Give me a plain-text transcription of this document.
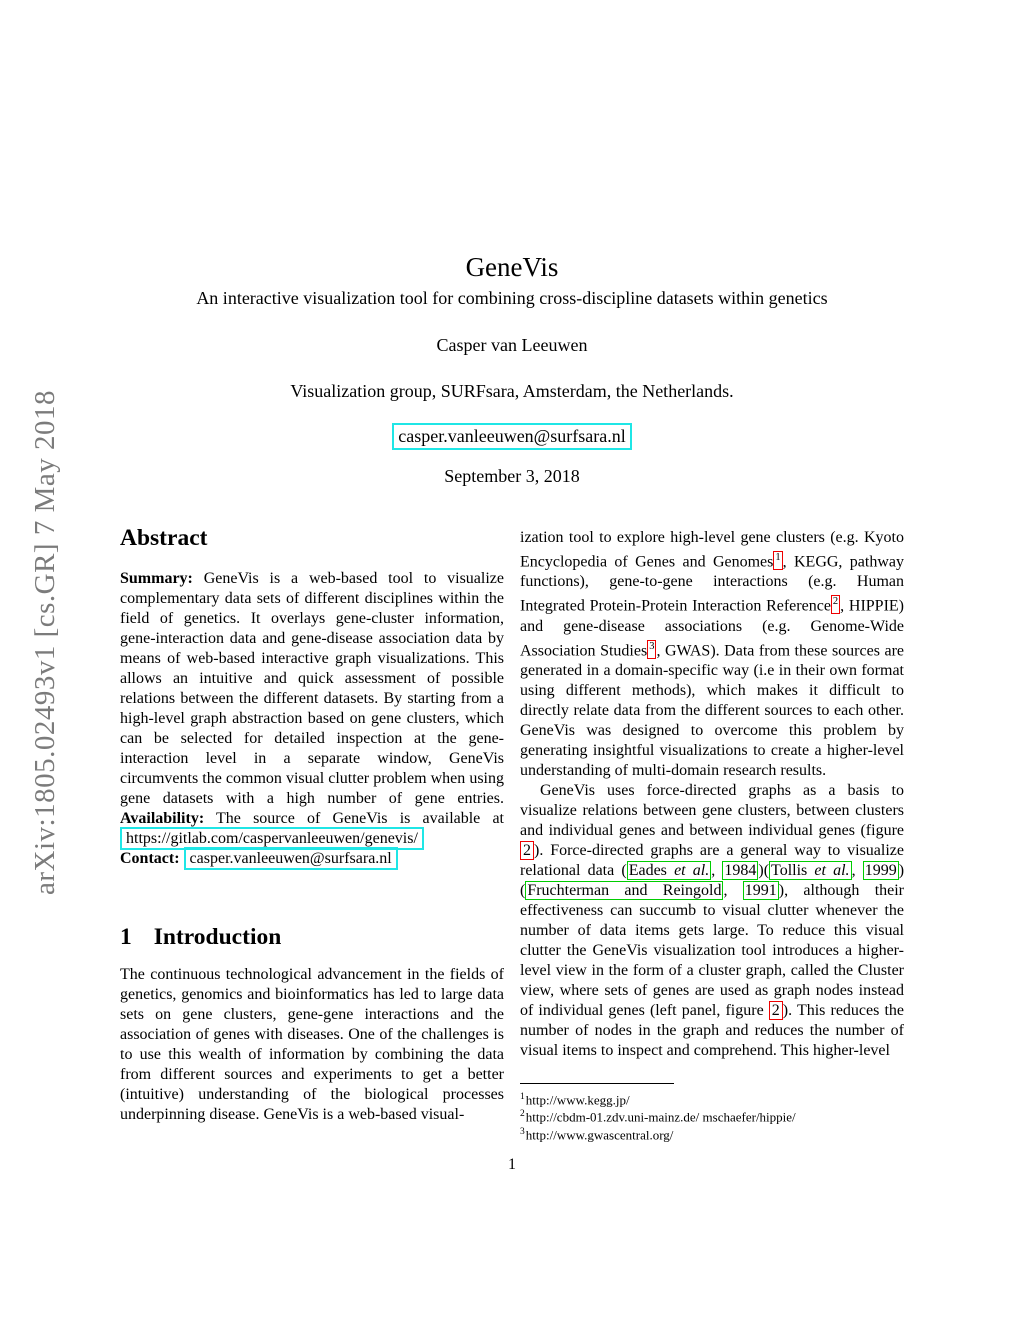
arXiv:1805.02493v1 [cs.GR] 7 May 2018
GeneVis
An interactive visualization tool for combining cross-discipline datasets within genetics
Casper van Leeuwen
Visualization group, SURFsara, Amsterdam, the Netherlands.
casper.vanleeuwen@surfsara.nl
September 3, 2018
Abstract

Summary: GeneVis is a web-based tool to visualize complementary data sets of different disciplines within the field of genetics. It overlays gene-cluster information, gene-interaction data and gene-disease association data by means of web-based interactive graph visualizations. This allows an intuitive and quick assessment of possible relations between the different datasets. By starting from a high-level graph abstraction based on gene clusters, which can be selected for detailed inspection at the gene-interaction level in a separate window, GeneVis circumvents the common visual clutter problem when using gene datasets with a high number of gene entries. Availability: The source of GeneVis is available at https://gitlab.com/caspervanleeuwen/genevis/
Contact: casper.vanleeuwen@surfsara.nl

1 Introduction

The continuous technological advancement in the fields of genetics, genomics and bioinformatics has led to large data sets on gene clusters, gene-gene interactions and the association of genes with diseases. One of the challenges is to use this wealth of information by combining the data from different sources and experiments to get a better (intuitive) understanding of the biological processes underpinning disease. GeneVis is a web-based visual-

ization tool to explore high-level gene clusters (e.g. Kyoto Encyclopedia of Genes and Genomes $^1$ , KEGG, pathway functions), gene-to-gene interactions (e.g. Human Integrated Protein-Protein Interaction Reference $^2$ , HIPPIE) and gene-disease associations (e.g. Genome-Wide Association Studies $^3$ , GWAS). Data from these sources are generated in a domain-specific way (i.e in their own format using different methods), which makes it difficult to directly relate data from the different sources to each other. GeneVis was designed to overcome this problem by generating insightful visualizations to create a higher-level understanding of multi-domain research results.

GeneVis uses force-directed graphs as a basis to visualize relations between gene clusters, between clusters and individual genes and between individual genes (figure 2 ). Force-directed graphs are a general way to visualize relational data ( Eades et al. , 1984 )( Tollis et al. , 1999 )( Fruchterman and Reingold , 1991 ), although their effectiveness can succumb to visual clutter whenever the number of data items gets large. To reduce this visual clutter the GeneVis visualization tool introduces a higher-level view in the form of a cluster graph, called the Cluster view, where sets of genes are used as graph nodes instead of individual genes (left panel, figure 2 ). This reduces the number of nodes in the graph and reduces the number of visual items to inspect and comprehend. This higher-level

$^1$http://www.kegg.jp/
$^2$http://cbdm-01.zdv.uni-mainz.de/ mschaefer/hippie/
$^3$http://www.gwascentral.org/
1
